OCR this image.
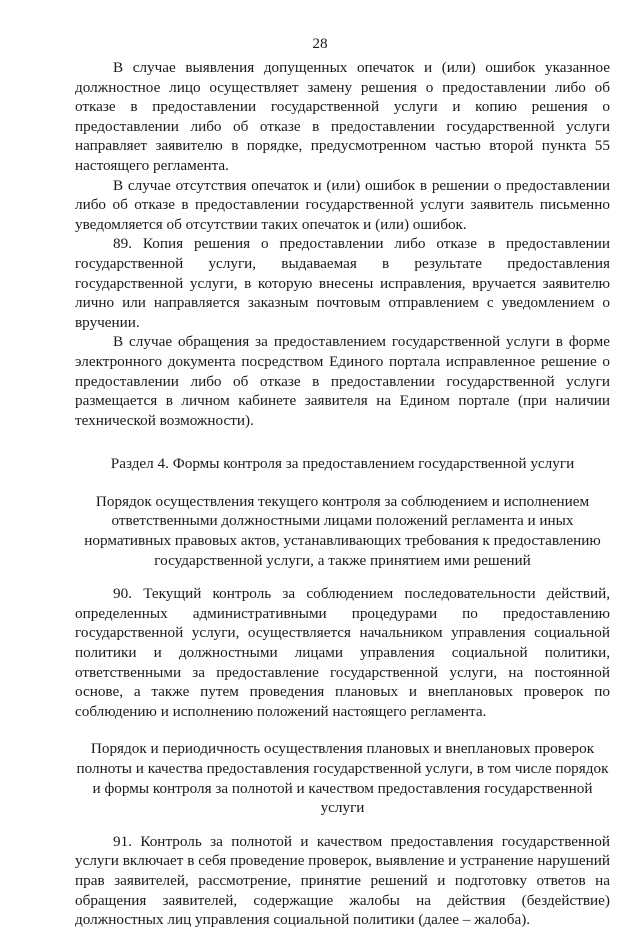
28

В случае выявления допущенных опечаток и (или) ошибок указанное должностное лицо осуществляет замену решения о предоставлении либо об отказе в предоставлении государственной услуги и копию решения о предоставлении либо об отказе в предоставлении государственной услуги направляет заявителю в порядке, предусмотренном частью второй пункта 55 настоящего регламента.

В случае отсутствия опечаток и (или) ошибок в решении о предоставлении либо об отказе в предоставлении государственной услуги заявитель письменно уведомляется об отсутствии таких опечаток и (или) ошибок.

89. Копия решения о предоставлении либо отказе в предоставлении государственной услуги, выдаваемая в результате предоставления государственной услуги, в которую внесены исправления, вручается заявителю лично или направляется заказным почтовым отправлением с уведомлением о вручении.

В случае обращения за предоставлением государственной услуги в форме электронного документа посредством Единого портала исправленное решение о предоставлении либо об отказе в предоставлении государственной услуги размещается в личном кабинете заявителя на Едином портале (при наличии технической возможности).

Раздел 4. Формы контроля за предоставлением государственной услуги
Порядок осуществления текущего контроля за соблюдением и исполнением ответственными должностными лицами положений регламента и иных нормативных правовых актов, устанавливающих требования к предоставлению государственной услуги, а также принятием ими решений

90. Текущий контроль за соблюдением последовательности действий, определенных административными процедурами по предоставлению государственной услуги, осуществляется начальником управления социальной политики и должностными лицами управления социальной политики, ответственными за предоставление государственной услуги, на постоянной основе, а также путем проведения плановых и внеплановых проверок по соблюдению и исполнению положений настоящего регламента.

Порядок и периодичность осуществления плановых и внеплановых проверок полноты и качества предоставления государственной услуги, в том числе порядок и формы контроля за полнотой и качеством предоставления государственной услуги

91. Контроль за полнотой и качеством предоставления государственной услуги включает в себя проведение проверок, выявление и устранение нарушений прав заявителей, рассмотрение, принятие решений и подготовку ответов на обращения заявителей, содержащие жалобы на действия (бездействие) должностных лиц управления социальной политики (далее – жалоба).
